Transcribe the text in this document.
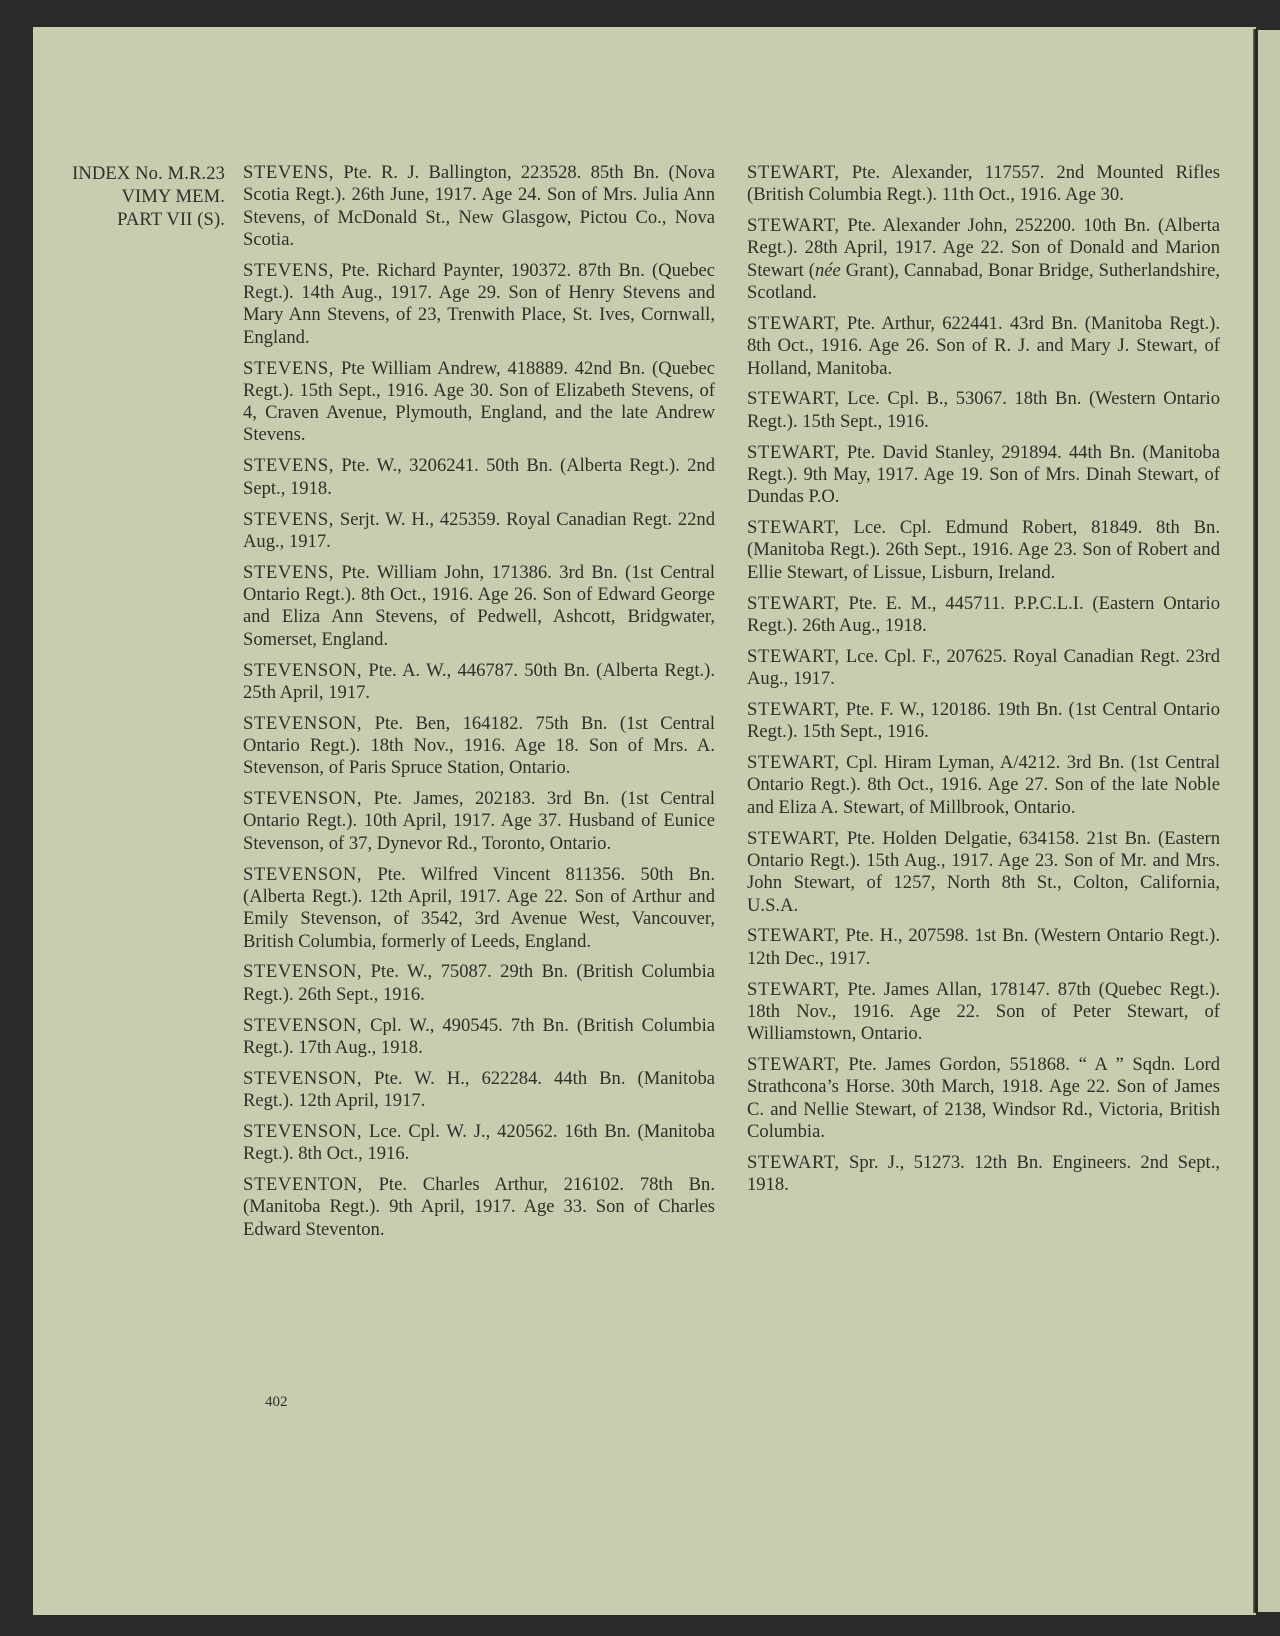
INDEX No. M.R.23
VIMY MEM.
PART VII (S).

STEVENS, Pte. R. J. Ballington, 223528. 85th Bn. (Nova Scotia Regt.). 26th June, 1917. Age 24. Son of Mrs. Julia Ann Stevens, of McDonald St., New Glasgow, Pictou Co., Nova Scotia.

STEVENS, Pte. Richard Paynter, 190372. 87th Bn. (Quebec Regt.). 14th Aug., 1917. Age 29. Son of Henry Stevens and Mary Ann Stevens, of 23, Trenwith Place, St. Ives, Cornwall, England.

STEVENS, Pte William Andrew, 418889. 42nd Bn. (Quebec Regt.). 15th Sept., 1916. Age 30. Son of Elizabeth Stevens, of 4, Craven Avenue, Plymouth, England, and the late Andrew Stevens.

STEVENS, Pte. W., 3206241. 50th Bn. (Alberta Regt.). 2nd Sept., 1918.

STEVENS, Serjt. W. H., 425359. Royal Canadian Regt. 22nd Aug., 1917.

STEVENS, Pte. William John, 171386. 3rd Bn. (1st Central Ontario Regt.). 8th Oct., 1916. Age 26. Son of Edward George and Eliza Ann Stevens, of Pedwell, Ashcott, Bridgwater, Somerset, England.

STEVENSON, Pte. A. W., 446787. 50th Bn. (Alberta Regt.). 25th April, 1917.

STEVENSON, Pte. Ben, 164182. 75th Bn. (1st Central Ontario Regt.). 18th Nov., 1916. Age 18. Son of Mrs. A. Stevenson, of Paris Spruce Station, Ontario.

STEVENSON, Pte. James, 202183. 3rd Bn. (1st Central Ontario Regt.). 10th April, 1917. Age 37. Husband of Eunice Stevenson, of 37, Dynevor Rd., Toronto, Ontario.

STEVENSON, Pte. Wilfred Vincent 811356. 50th Bn. (Alberta Regt.). 12th April, 1917. Age 22. Son of Arthur and Emily Stevenson, of 3542, 3rd Avenue West, Vancouver, British Columbia, formerly of Leeds, England.

STEVENSON, Pte. W., 75087. 29th Bn. (British Columbia Regt.). 26th Sept., 1916.

STEVENSON, Cpl. W., 490545. 7th Bn. (British Columbia Regt.). 17th Aug., 1918.

STEVENSON, Pte. W. H., 622284. 44th Bn. (Manitoba Regt.). 12th April, 1917.

STEVENSON, Lce. Cpl. W. J., 420562. 16th Bn. (Manitoba Regt.). 8th Oct., 1916.

STEVENTON, Pte. Charles Arthur, 216102. 78th Bn. (Manitoba Regt.). 9th April, 1917. Age 33. Son of Charles Edward Steventon.

STEWART, Pte. Alexander, 117557. 2nd Mounted Rifles (British Columbia Regt.). 11th Oct., 1916. Age 30.

STEWART, Pte. Alexander John, 252200. 10th Bn. (Alberta Regt.). 28th April, 1917. Age 22. Son of Donald and Marion Stewart (née Grant), Cannabad, Bonar Bridge, Sutherlandshire, Scotland.

STEWART, Pte. Arthur, 622441. 43rd Bn. (Manitoba Regt.). 8th Oct., 1916. Age 26. Son of R. J. and Mary J. Stewart, of Holland, Manitoba.

STEWART, Lce. Cpl. B., 53067. 18th Bn. (Western Ontario Regt.). 15th Sept., 1916.

STEWART, Pte. David Stanley, 291894. 44th Bn. (Manitoba Regt.). 9th May, 1917. Age 19. Son of Mrs. Dinah Stewart, of Dundas P.O.

STEWART, Lce. Cpl. Edmund Robert, 81849. 8th Bn. (Manitoba Regt.). 26th Sept., 1916. Age 23. Son of Robert and Ellie Stewart, of Lissue, Lisburn, Ireland.

STEWART, Pte. E. M., 445711. P.P.C.L.I. (Eastern Ontario Regt.). 26th Aug., 1918.

STEWART, Lce. Cpl. F., 207625. Royal Canadian Regt. 23rd Aug., 1917.

STEWART, Pte. F. W., 120186. 19th Bn. (1st Central Ontario Regt.). 15th Sept., 1916.

STEWART, Cpl. Hiram Lyman, A/4212. 3rd Bn. (1st Central Ontario Regt.). 8th Oct., 1916. Age 27. Son of the late Noble and Eliza A. Stewart, of Millbrook, Ontario.

STEWART, Pte. Holden Delgatie, 634158. 21st Bn. (Eastern Ontario Regt.). 15th Aug., 1917. Age 23. Son of Mr. and Mrs. John Stewart, of 1257, North 8th St., Colton, California, U.S.A.

STEWART, Pte. H., 207598. 1st Bn. (Western Ontario Regt.). 12th Dec., 1917.

STEWART, Pte. James Allan, 178147. 87th (Quebec Regt.). 18th Nov., 1916. Age 22. Son of Peter Stewart, of Williamstown, Ontario.

STEWART, Pte. James Gordon, 551868. “ A ” Sqdn. Lord Strathcona’s Horse. 30th March, 1918. Age 22. Son of James C. and Nellie Stewart, of 2138, Windsor Rd., Victoria, British Columbia.

STEWART, Spr. J., 51273. 12th Bn. Engineers. 2nd Sept., 1918.

402
